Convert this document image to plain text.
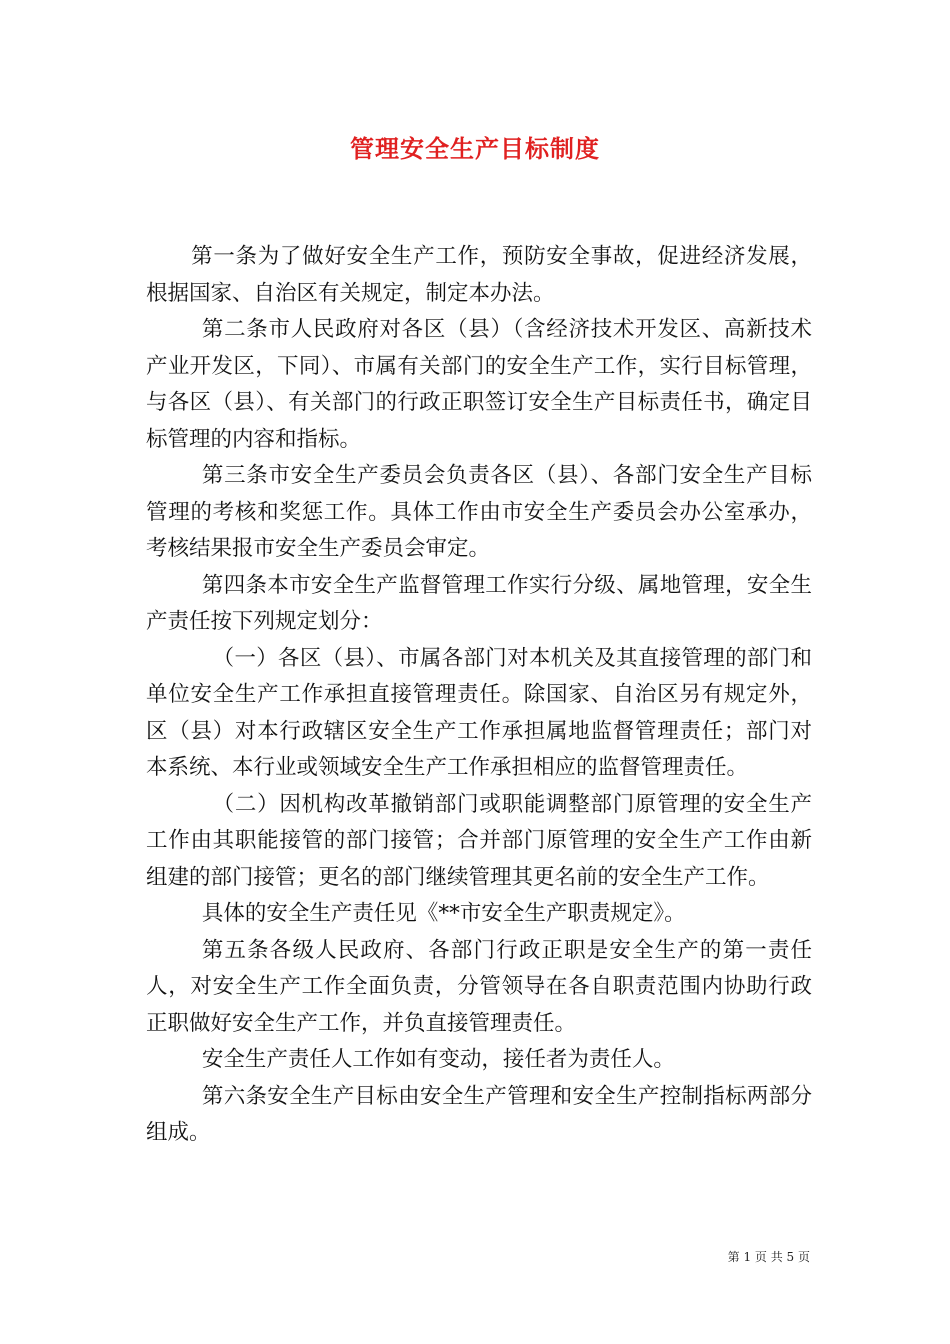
管理安全生产目标制度

第一条为了做好安全生产工作，预防安全事故，促进经济发展，根据国家、自治区有关规定，制定本办法。

第二条市人民政府对各区（县）（含经济技术开发区、高新技术产业开发区，下同）、市属有关部门的安全生产工作，实行目标管理，与各区（县）、有关部门的行政正职签订安全生产目标责任书，确定目标管理的内容和指标。

第三条市安全生产委员会负责各区（县）、各部门安全生产目标管理的考核和奖惩工作。具体工作由市安全生产委员会办公室承办，考核结果报市安全生产委员会审定。

第四条本市安全生产监督管理工作实行分级、属地管理，安全生产责任按下列规定划分：

（一）各区（县）、市属各部门对本机关及其直接管理的部门和单位安全生产工作承担直接管理责任。除国家、自治区另有规定外，区（县）对本行政辖区安全生产工作承担属地监督管理责任；部门对本系统、本行业或领域安全生产工作承担相应的监督管理责任。

（二）因机构改革撤销部门或职能调整部门原管理的安全生产工作由其职能接管的部门接管；合并部门原管理的安全生产工作由新组建的部门接管；更名的部门继续管理其更名前的安全生产工作。

具体的安全生产责任见《**市安全生产职责规定》。

第五条各级人民政府、各部门行政正职是安全生产的第一责任人，对安全生产工作全面负责，分管领导在各自职责范围内协助行政正职做好安全生产工作，并负直接管理责任。

安全生产责任人工作如有变动，接任者为责任人。

第六条安全生产目标由安全生产管理和安全生产控制指标两部分组成。

第 1 页 共 5 页
